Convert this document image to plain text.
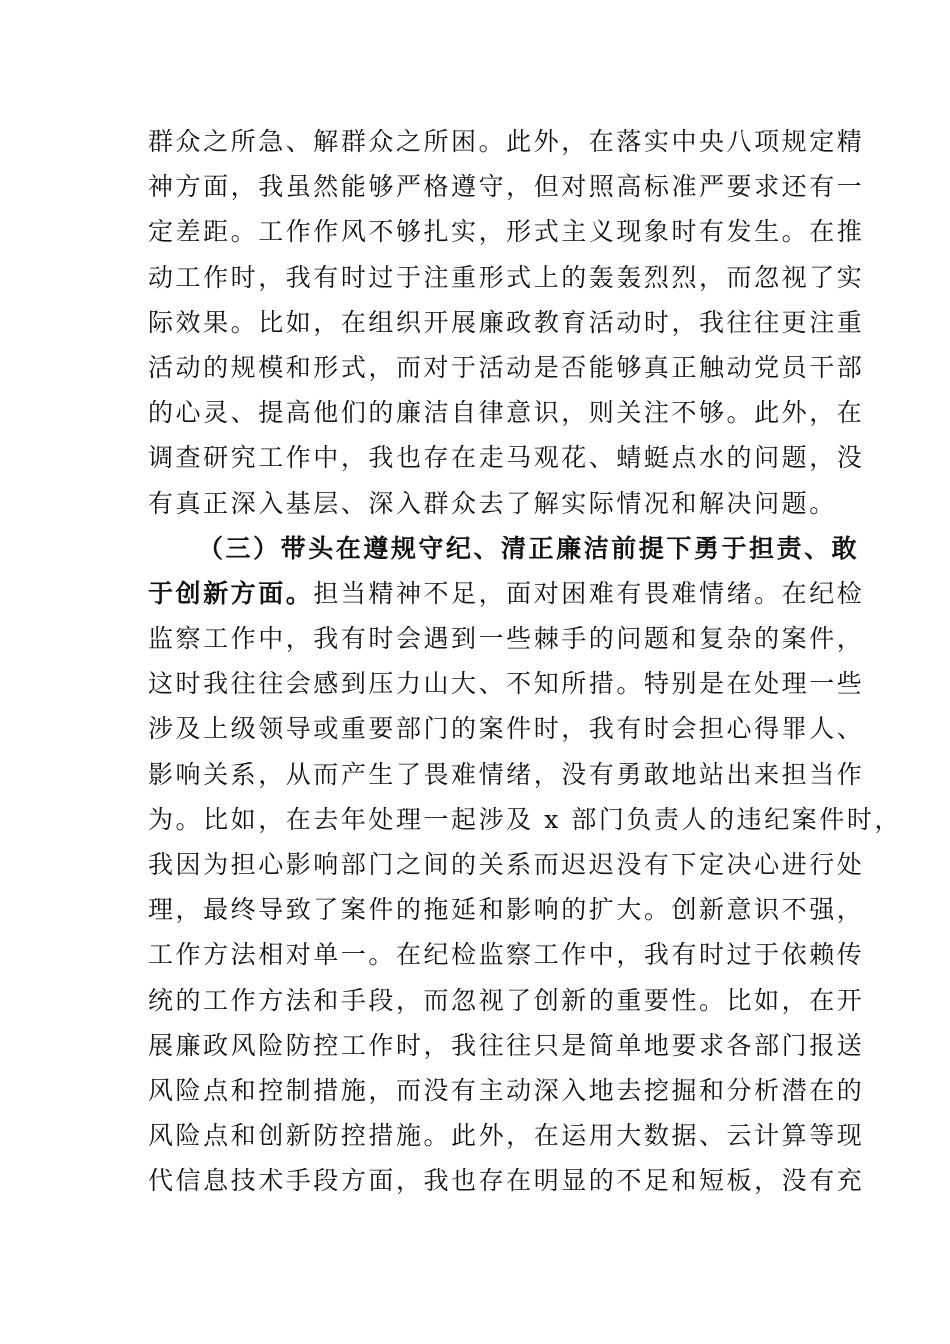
群众之所急、解群众之所困。此外，在落实中央八项规定精
神方面，我虽然能够严格遵守，但对照高标准严要求还有一
定差距。工作作风不够扎实，形式主义现象时有发生。在推
动工作时，我有时过于注重形式上的轰轰烈烈，而忽视了实
际效果。比如，在组织开展廉政教育活动时，我往往更注重
活动的规模和形式，而对于活动是否能够真正触动党员干部
的心灵、提高他们的廉洁自律意识，则关注不够。此外，在
调查研究工作中，我也存在走马观花、蜻蜓点水的问题，没
有真正深入基层、深入群众去了解实际情况和解决问题。
（三）带头在遵规守纪、清正廉洁前提下勇于担责、敢
于创新方面。担当精神不足，面对困难有畏难情绪。在纪检
监察工作中，我有时会遇到一些棘手的问题和复杂的案件，
这时我往往会感到压力山大、不知所措。特别是在处理一些
涉及上级领导或重要部门的案件时，我有时会担心得罪人、
影响关系，从而产生了畏难情绪，没有勇敢地站出来担当作
为。比如，在去年处理一起涉及 x 部门负责人的违纪案件时，
我因为担心影响部门之间的关系而迟迟没有下定决心进行处
理，最终导致了案件的拖延和影响的扩大。创新意识不强，
工作方法相对单一。在纪检监察工作中，我有时过于依赖传
统的工作方法和手段，而忽视了创新的重要性。比如，在开
展廉政风险防控工作时，我往往只是简单地要求各部门报送
风险点和控制措施，而没有主动深入地去挖掘和分析潜在的
风险点和创新防控措施。此外，在运用大数据、云计算等现
代信息技术手段方面，我也存在明显的不足和短板，没有充
